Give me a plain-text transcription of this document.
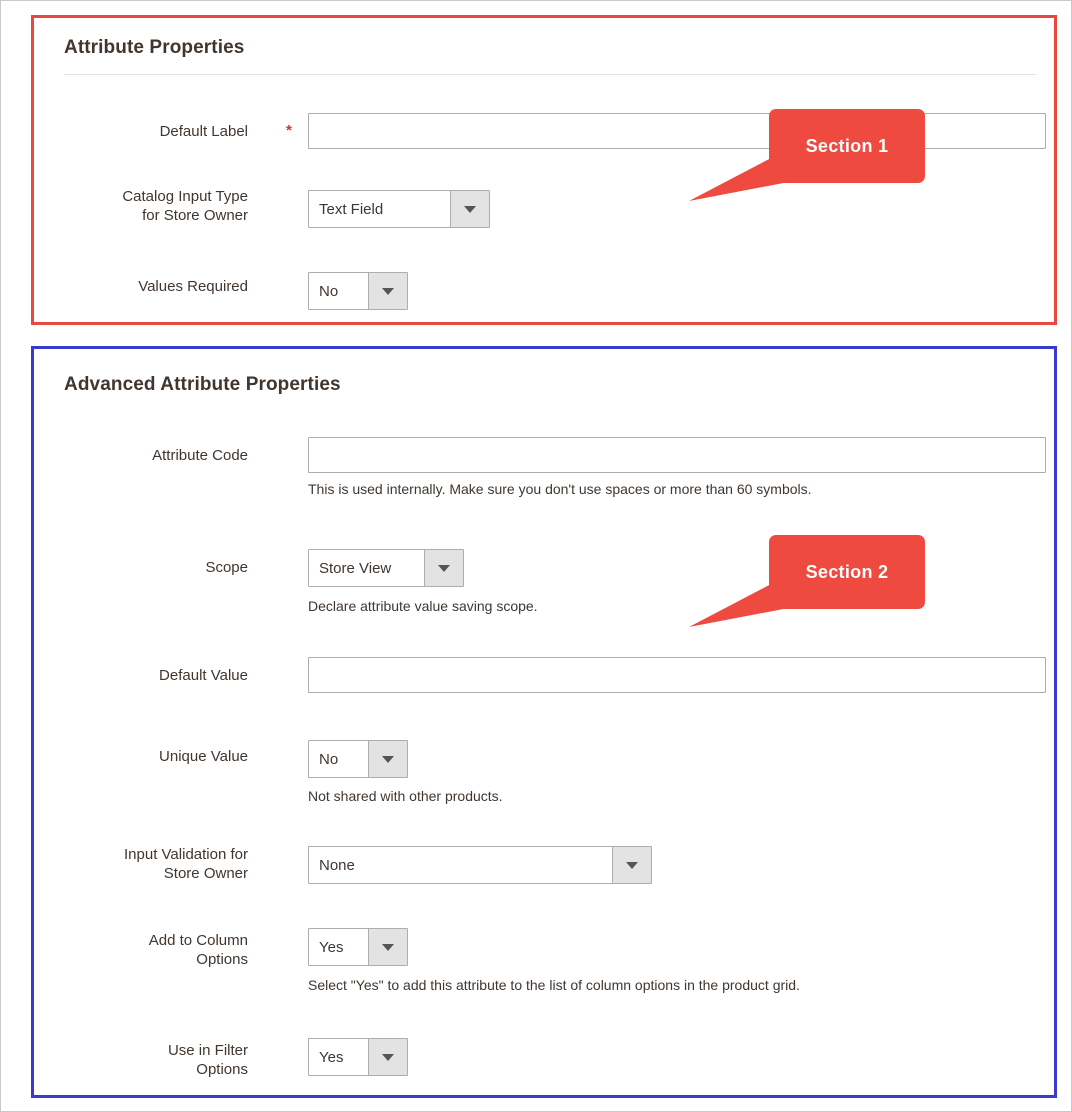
Attribute Properties
Default Label	*
Catalog Input Type
for Store Owner	Text Field
Values Required	No
Section 1
Advanced Attribute Properties
Attribute Code
This is used internally. Make sure you don't use spaces or more than 60 symbols.
Scope	Store View
Declare attribute value saving scope.
Default Value
Unique Value	No
Not shared with other products.
Input Validation for
Store Owner	None
Add to Column
Options
Yes
Select "Yes" to add this attribute to the list of column options in the product grid.
Use in Filter
Options
Yes
Section 2
